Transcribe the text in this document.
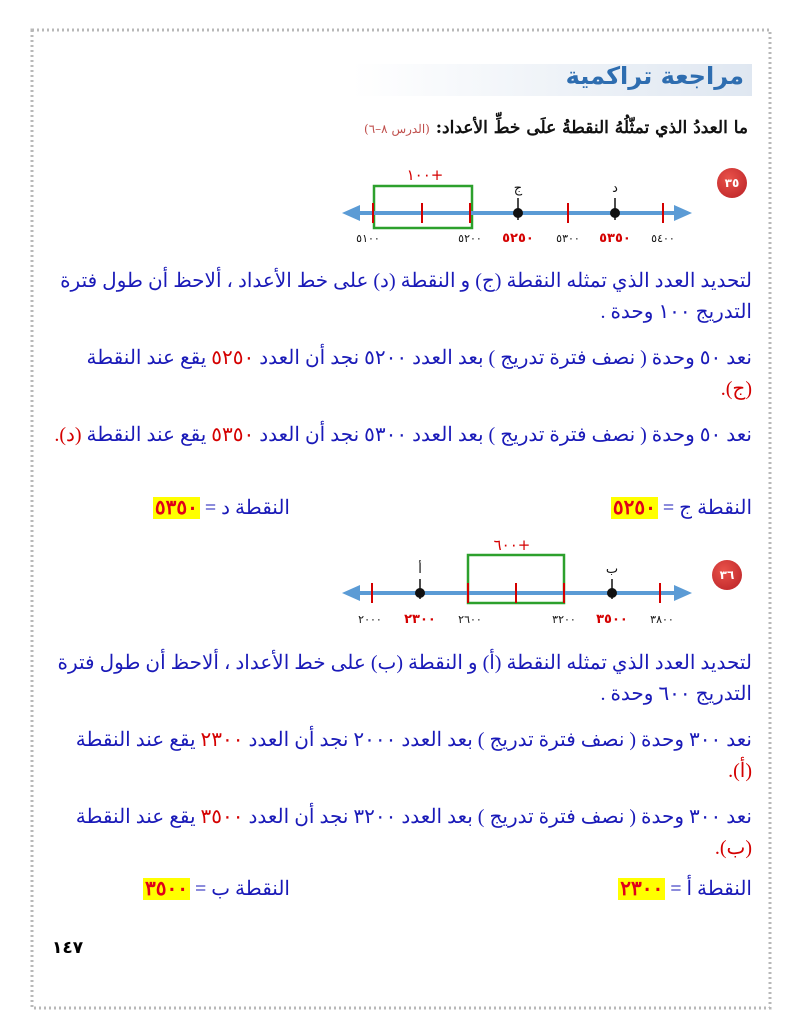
مراجعة تراكمية
ما العددُ الذي تمثّلُهُ النقطةُ علَى خطِّ الأعداد: (الدرس ٨–٦)
٣٥
١٠٠+
ج	د
٥١٠٠	٥٢٠٠ ٥٢٥٠ ٥٣٠٠ ٥٣٥٠ ٥٤٠٠

لتحديد العدد الذي تمثله النقطة (ج) و النقطة (د) على خط الأعداد ، ألاحظ أن طول فترة التدريج ١٠٠ وحدة .

نعد ٥٠ وحدة ( نصف فترة تدريج ) بعد العدد ٥٢٠٠ نجد أن العدد ٥٢٥٠ يقع عند النقطة (ج).

نعد ٥٠ وحدة ( نصف فترة تدريج ) بعد العدد ٥٣٠٠ نجد أن العدد ٥٣٥٠ يقع عند النقطة (د).

النقطة ج = ٥٢٥٠
النقطة د = ٥٣٥٠
٣٦
٦٠٠+
أ	ب
٢٠٠٠ ٢٣٠٠ ٢٦٠٠	٣٢٠٠ ٣٥٠٠ ٣٨٠٠

لتحديد العدد الذي تمثله النقطة (أ) و النقطة (ب) على خط الأعداد ، ألاحظ أن طول فترة التدريج ٦٠٠ وحدة .

نعد ٣٠٠ وحدة ( نصف فترة تدريج ) بعد العدد ٢٠٠٠ نجد أن العدد ٢٣٠٠ يقع عند النقطة (أ).

نعد ٣٠٠ وحدة ( نصف فترة تدريج ) بعد العدد ٣٢٠٠ نجد أن العدد ٣٥٠٠ يقع عند النقطة (ب).

النقطة أ = ٢٣٠٠
النقطة ب = ٣٥٠٠
١٤٧
